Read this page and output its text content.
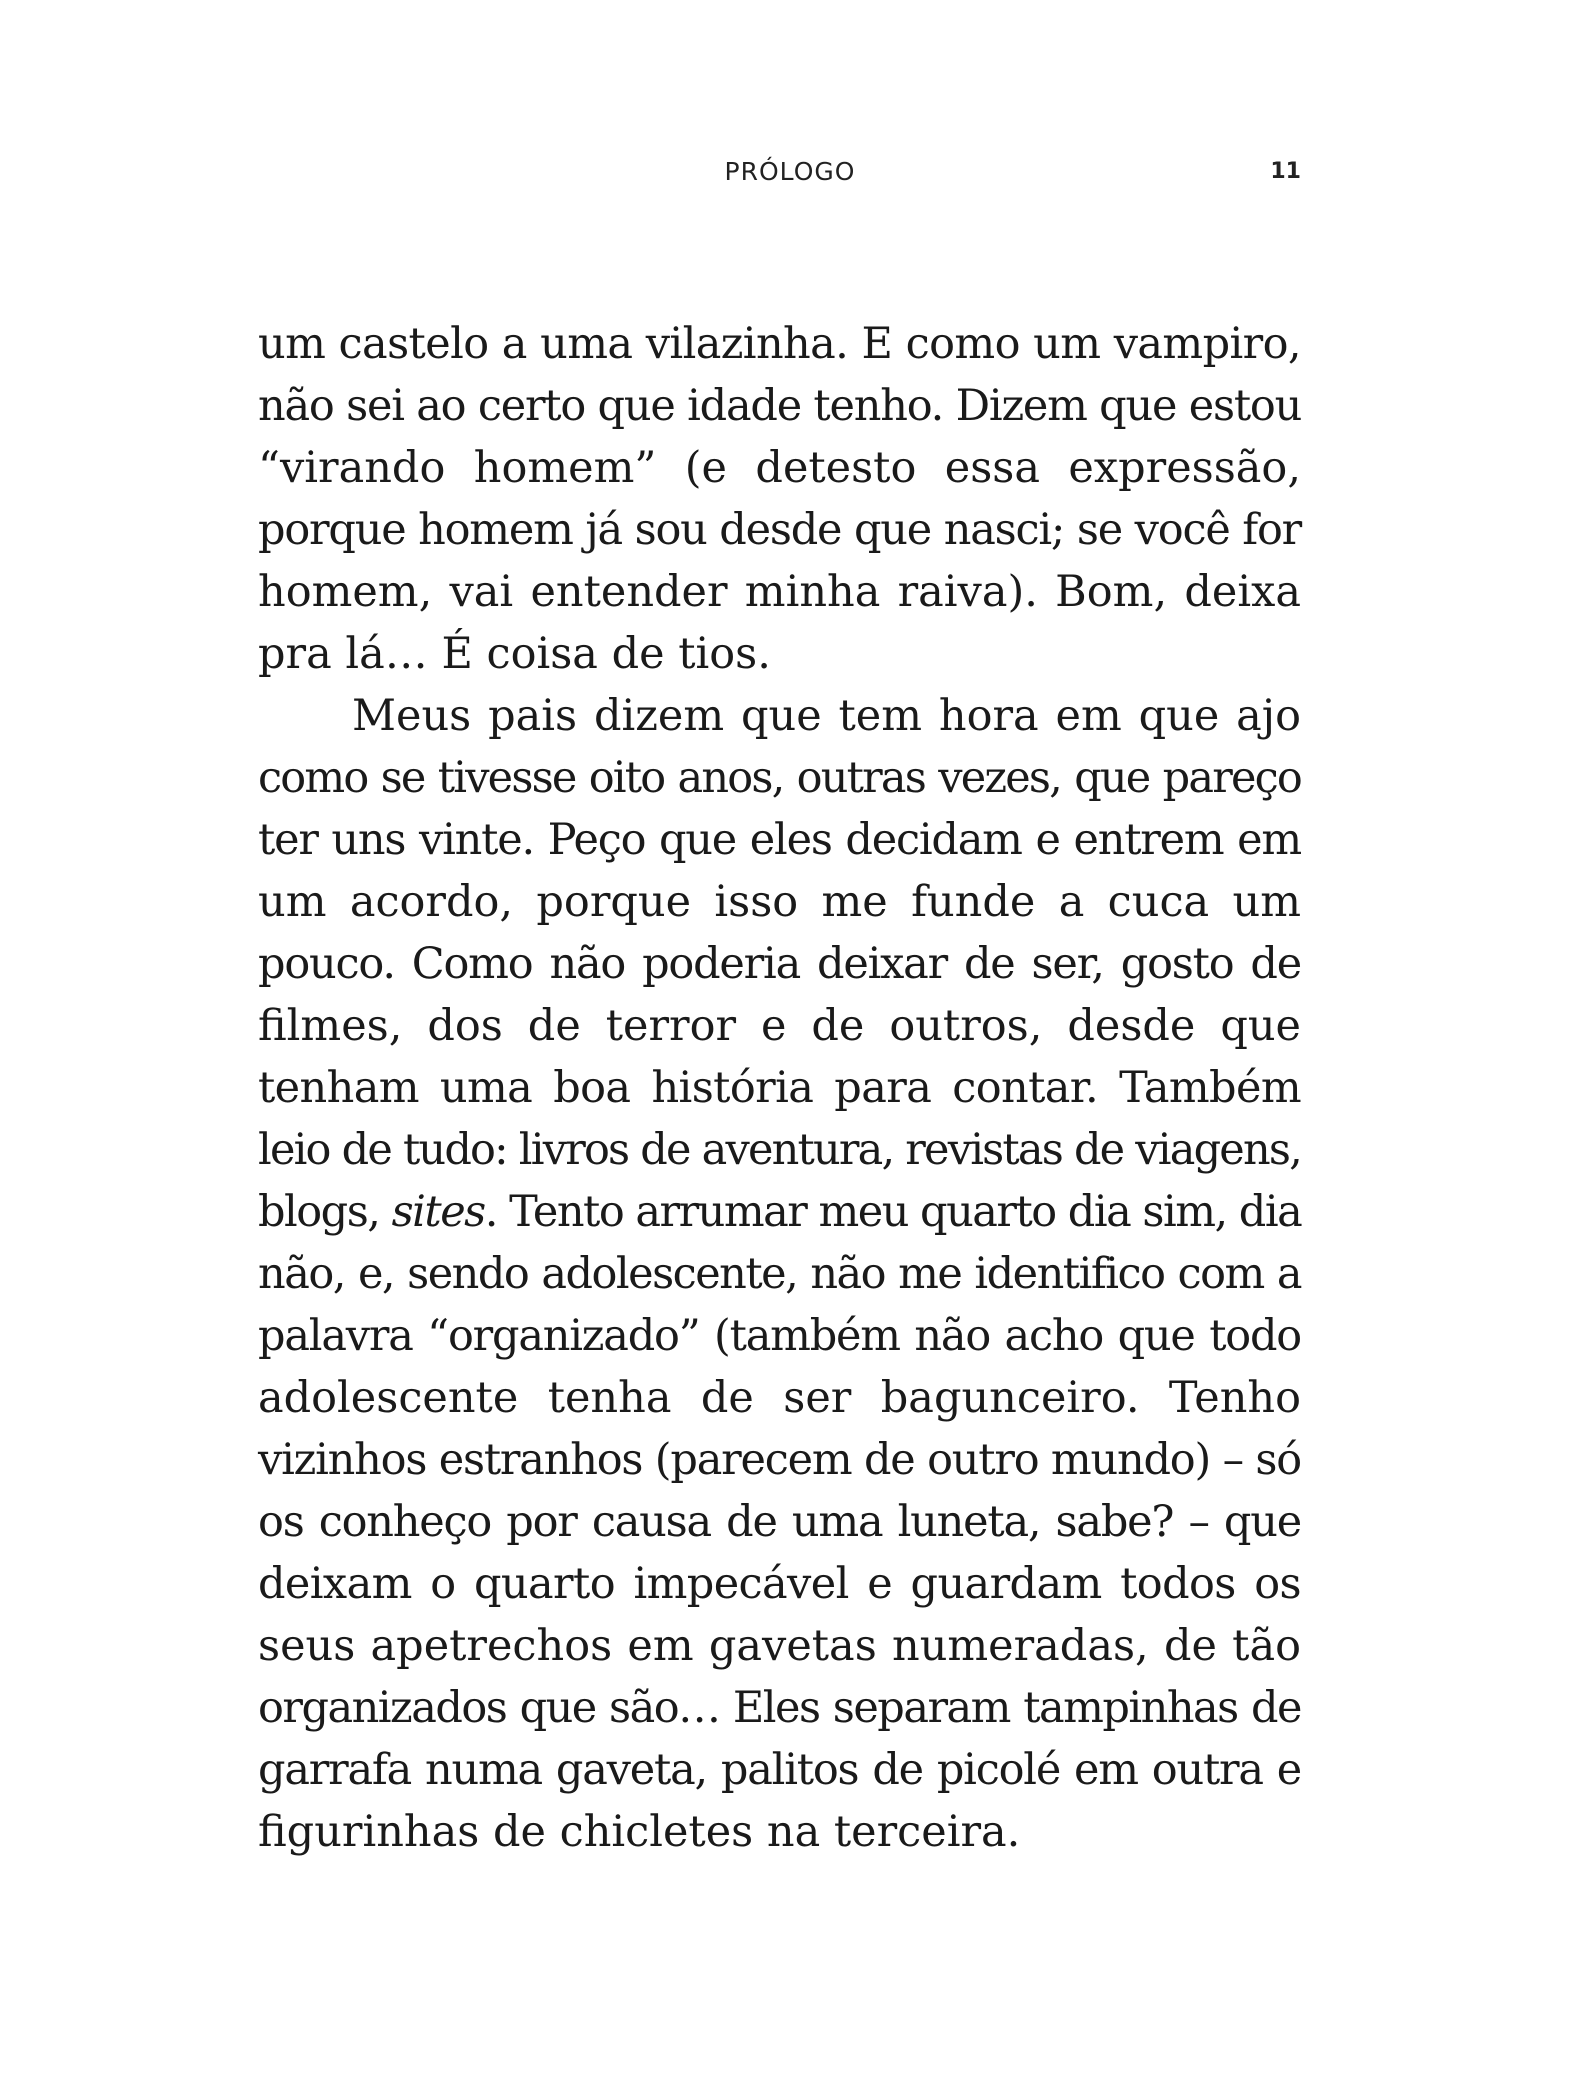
PRÓLOGO	11

um castelo a uma vilazinha. E como um vampiro,
não sei ao certo que idade tenho. Dizem que estou
“virando homem” (e detesto essa expressão,
porque homem já sou desde que nasci; se você for
homem, vai entender minha raiva). Bom, deixa
pra lá… É coisa de tios.

Meus pais dizem que tem hora em que ajo
como se tivesse oito anos, outras vezes, que pareço
ter uns vinte. Peço que eles decidam e entrem em
um acordo, porque isso me funde a cuca um
pouco. Como não poderia deixar de ser, gosto de
filmes, dos de terror e de outros, desde que
tenham uma boa história para contar. Também
leio de tudo: livros de aventura, revistas de viagens,
blogs, sites. Tento arrumar meu quarto dia sim, dia
não, e, sendo adolescente, não me identifico com a
palavra “organizado” (também não acho que todo
adolescente tenha de ser bagunceiro. Tenho
vizinhos estranhos (parecem de outro mundo) – só
os conheço por causa de uma luneta, sabe? – que
deixam o quarto impecável e guardam todos os
seus apetrechos em gavetas numeradas, de tão
organizados que são… Eles separam tampinhas de
garrafa numa gaveta, palitos de picolé em outra e
figurinhas de chicletes na terceira.
